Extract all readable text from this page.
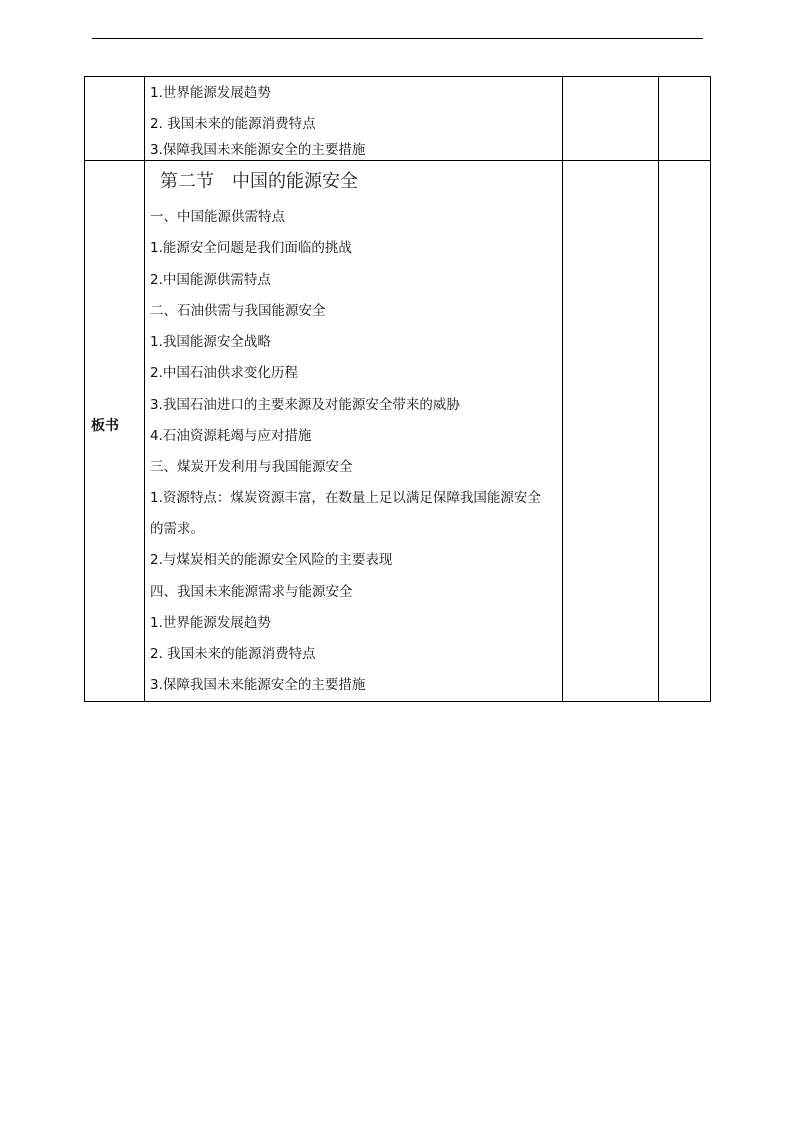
1.世界能源发展趋势
2. 我国未来的能源消费特点
3.保障我国未来能源安全的主要措施
板书
第二节　中国的能源安全
一、中国能源供需特点
1.能源安全问题是我们面临的挑战
2.中国能源供需特点
二、石油供需与我国能源安全
1.我国能源安全战略
2.中国石油供求变化历程
3.我国石油进口的主要来源及对能源安全带来的威胁
4.石油资源耗竭与应对措施
三、煤炭开发利用与我国能源安全
1.资源特点：煤炭资源丰富，在数量上足以满足保障我国能源安全
的需求。
2.与煤炭相关的能源安全风险的主要表现
四、我国未来能源需求与能源安全
1.世界能源发展趋势
2. 我国未来的能源消费特点
3.保障我国未来能源安全的主要措施
